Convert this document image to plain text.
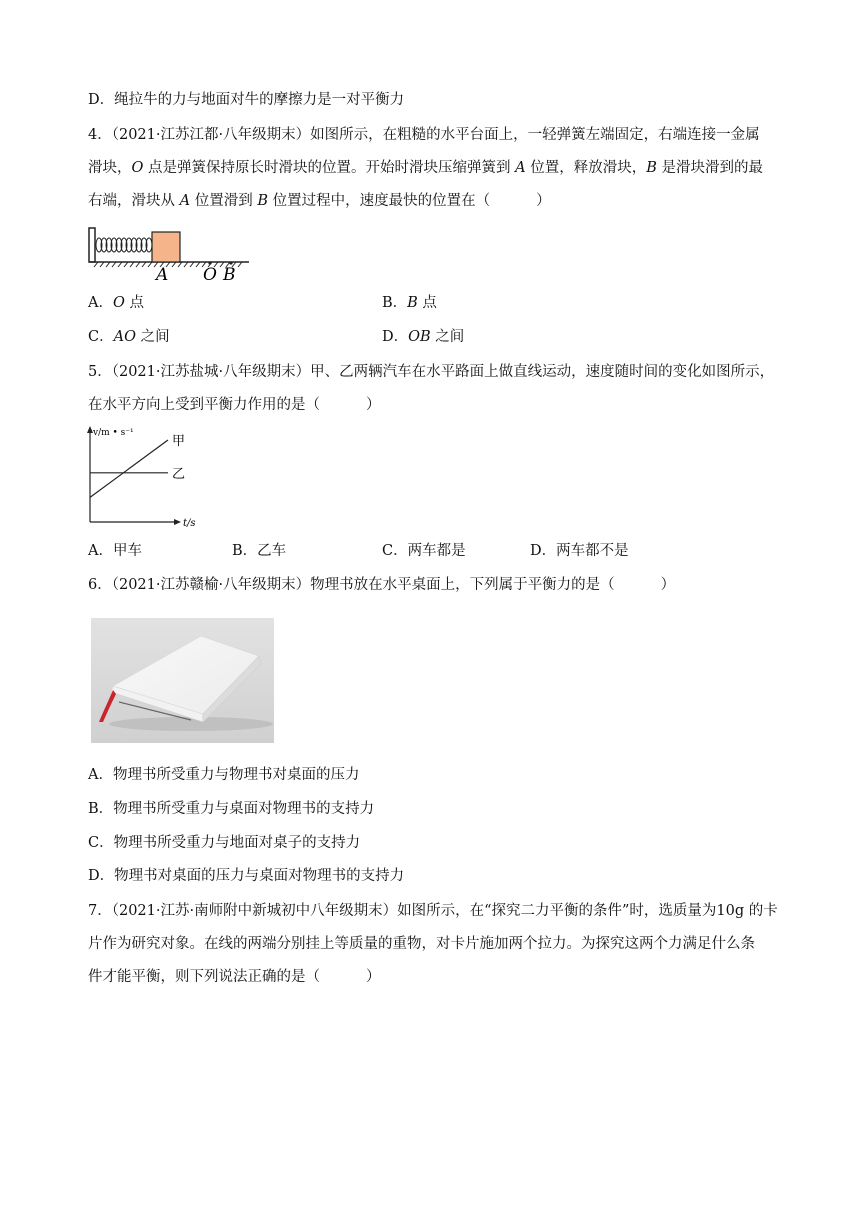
D．绳拉牛的力与地面对牛的摩擦力是一对平衡力
4．（2021·江苏江都·八年级期末）如图所示，在粗糙的水平台面上，一轻弹簧左端固定，右端连接一金属
滑块，O 点是弹簧保持原长时滑块的位置。开始时滑块压缩弹簧到 A 位置，释放滑块，B 是滑块滑到的最
右端，滑块从 A 位置滑到 B 位置过程中，速度最快的位置在（	）
A O B
A．O 点	B．B 点
C．AO 之间	D．OB 之间
5．（2021·江苏盐城·八年级期末）甲、乙两辆汽车在水平路面上做直线运动，速度随时间的变化如图所示，
在水平方向上受到平衡力作用的是（	）
v/m • s⁻¹
t/s
甲
乙
A．甲车	B．乙车	C．两车都是	D．两车都不是
6．（2021·江苏赣榆·八年级期末）物理书放在水平桌面上，下列属于平衡力的是（	）
A．物理书所受重力与物理书对桌面的压力
B．物理书所受重力与桌面对物理书的支持力
C．物理书所受重力与地面对桌子的支持力
D．物理书对桌面的压力与桌面对物理书的支持力
7．（2021·江苏·南师附中新城初中八年级期末）如图所示，在“探究二力平衡的条件”时，选质量为10g 的卡
片作为研究对象。在线的两端分别挂上等质量的重物，对卡片施加两个拉力。为探究这两个力满足什么条
件才能平衡，则下列说法正确的是（	）
